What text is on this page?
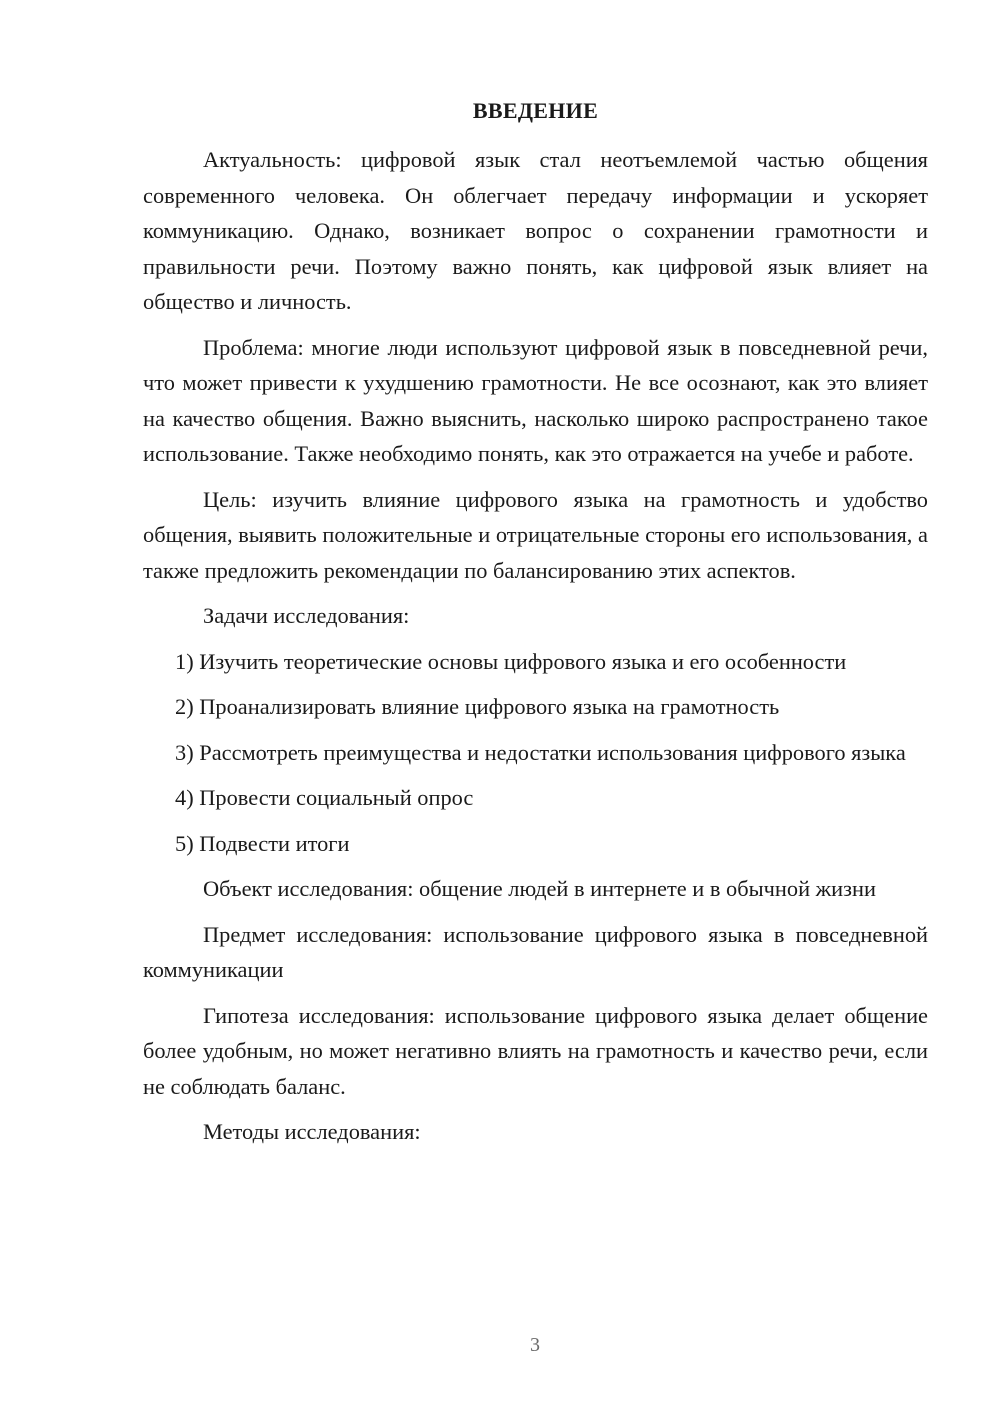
ВВЕДЕНИЕ

Актуальность: цифровой язык стал неотъемлемой частью общения современного человека. Он облегчает передачу информации и ускоряет коммуникацию. Однако, возникает вопрос о сохранении грамотности и правильности речи. Поэтому важно понять, как цифровой язык влияет на общество и личность.

Проблема: многие люди используют цифровой язык в повседневной речи, что может привести к ухудшению грамотности. Не все осознают, как это влияет на качество общения. Важно выяснить, насколько широко распространено такое использование. Также необходимо понять, как это отражается на учебе и работе.

Цель: изучить влияние цифрового языка на грамотность и удобство общения, выявить положительные и отрицательные стороны его использования, а также предложить рекомендации по балансированию этих аспектов.

Задачи исследования:

1) Изучить теоретические основы цифрового языка и его особенности

2) Проанализировать влияние цифрового языка на грамотность

3) Рассмотреть преимущества и недостатки использования цифрового языка

4) Провести социальный опрос

5) Подвести итоги

Объект исследования: общение людей в интернете и в обычной жизни

Предмет исследования: использование цифрового языка в повседневной коммуникации

Гипотеза исследования: использование цифрового языка делает общение более удобным, но может негативно влиять на грамотность и качество речи, если не соблюдать баланс.

Методы исследования:

3
